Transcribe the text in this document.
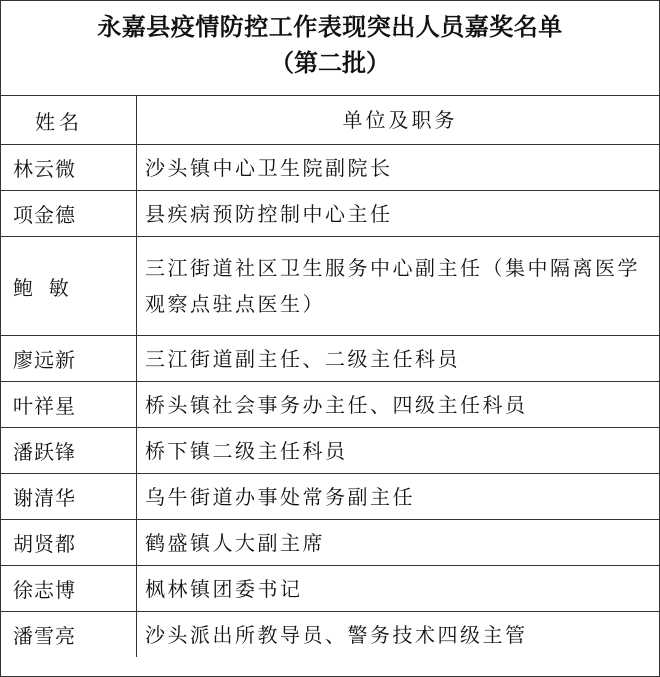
永嘉县疫情防控工作表现突出人员嘉奖名单
（第二批）
姓名	单位及职务
林云微	沙头镇中心卫生院副院长
项金德	县疾病预防控制中心主任
鲍  敏	三江街道社区卫生服务中心副主任（集中隔离医学观察点驻点医生）
廖远新	三江街道副主任、二级主任科员
叶祥星	桥头镇社会事务办主任、四级主任科员
潘跃锋	桥下镇二级主任科员
谢清华	乌牛街道办事处常务副主任
胡贤都	鹤盛镇人大副主席
徐志博	枫林镇团委书记
潘雪亮	沙头派出所教导员、警务技术四级主管
